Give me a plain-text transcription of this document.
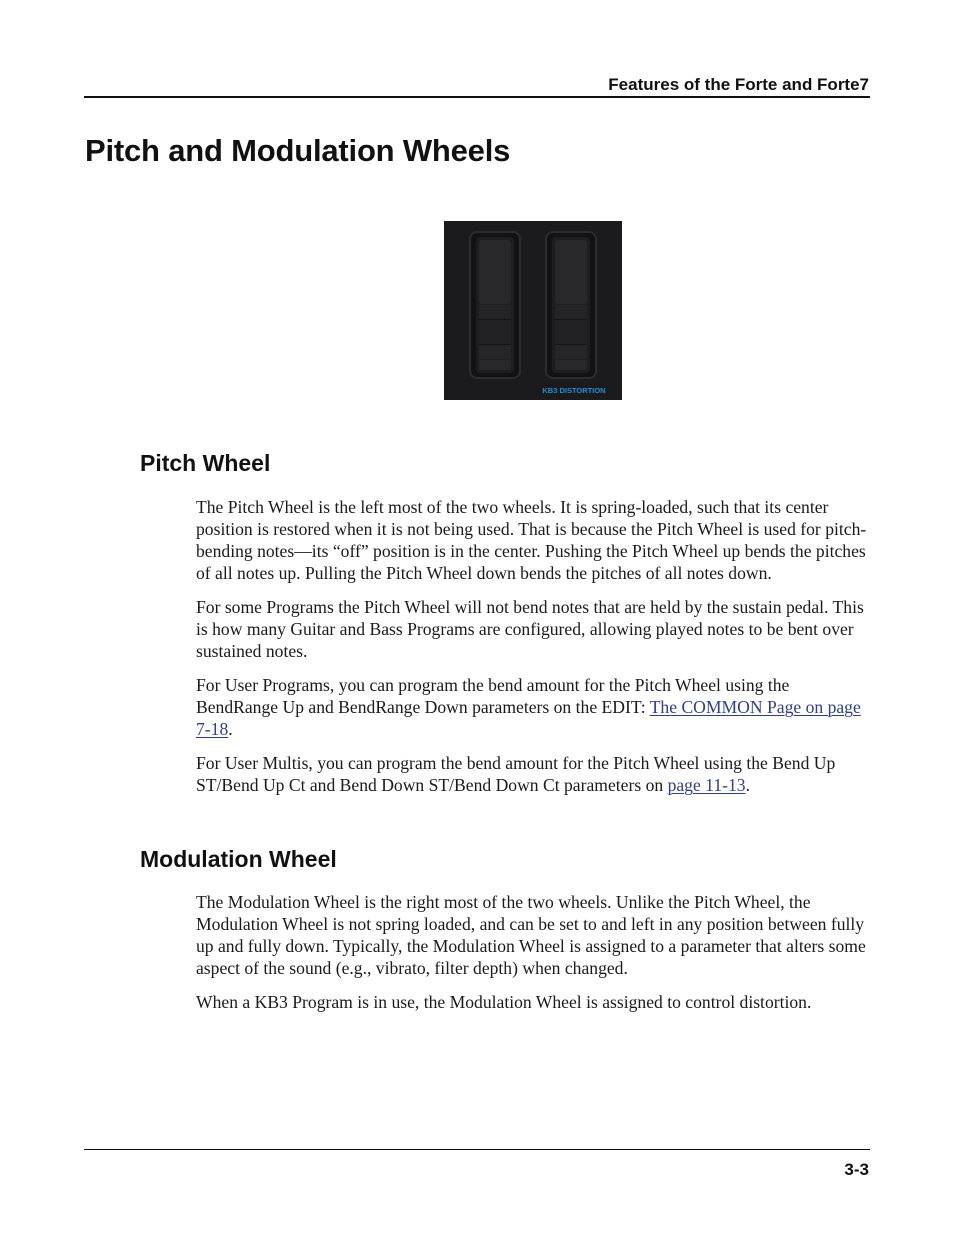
Features of the Forte and Forte7
Pitch and Modulation Wheels
KB3 DISTORTION
Pitch Wheel

The Pitch Wheel is the left most of the two wheels. It is spring-loaded, such that its center position is restored when it is not being used. That is because the Pitch Wheel is used for pitch-bending notes—its “off” position is in the center. Pushing the Pitch Wheel up bends the pitches of all notes up. Pulling the Pitch Wheel down bends the pitches of all notes down.

For some Programs the Pitch Wheel will not bend notes that are held by the sustain pedal. This is how many Guitar and Bass Programs are configured, allowing played notes to be bent over sustained notes.

For User Programs, you can program the bend amount for the Pitch Wheel using the BendRange Up and BendRange Down parameters on the EDIT: The COMMON Page on page 7-18.

For User Multis, you can program the bend amount for the Pitch Wheel using the Bend Up ST/Bend Up Ct and Bend Down ST/Bend Down Ct parameters on page 11-13.

Modulation Wheel

The Modulation Wheel is the right most of the two wheels. Unlike the Pitch Wheel, the Modulation Wheel is not spring loaded, and can be set to and left in any position between fully up and fully down. Typically, the Modulation Wheel is assigned to a parameter that alters some aspect of the sound (e.g., vibrato, filter depth) when changed.

When a KB3 Program is in use, the Modulation Wheel is assigned to control distortion.

3-3
